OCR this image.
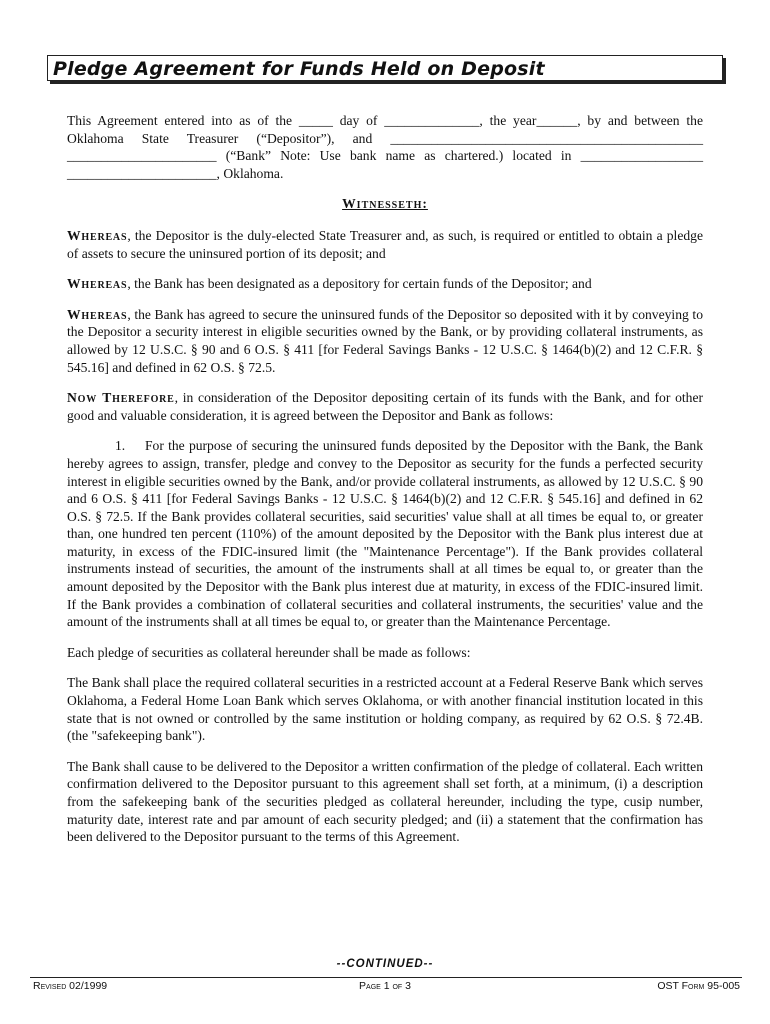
Pledge Agreement for Funds Held on Deposit

This Agreement entered into as of the _____ day of ______________, the year______, by and between the
Oklahoma State Treasurer (“Depositor”), and ______________________________________________
______________________ (“Bank” Note: Use bank name as chartered.) located in __________________
______________________, Oklahoma.

Witnesseth:

Whereas, the Depositor is the duly-elected State Treasurer and, as such, is required or entitled to obtain a pledge of assets to secure the uninsured portion of its deposit; and

Whereas, the Bank has been designated as a depository for certain funds of the Depositor; and

Whereas, the Bank has agreed to secure the uninsured funds of the Depositor so deposited with it by conveying to the Depositor a security interest in eligible securities owned by the Bank, or by providing collateral instruments, as allowed by 12 U.S.C. § 90 and 6 O.S. § 411 [for Federal Savings Banks - 12 U.S.C. § 1464(b)(2) and 12 C.F.R. § 545.16] and defined in 62 O.S. § 72.5.

Now Therefore, in consideration of the Depositor depositing certain of its funds with the Bank, and for other good and valuable consideration, it is agreed between the Depositor and Bank as follows:

1. For the purpose of securing the uninsured funds deposited by the Depositor with the Bank, the Bank hereby agrees to assign, transfer, pledge and convey to the Depositor as security for the funds a perfected security interest in eligible securities owned by the Bank, and/or provide collateral instruments, as allowed by 12 U.S.C. § 90 and 6 O.S. § 411 [for Federal Savings Banks - 12 U.S.C. § 1464(b)(2) and 12 C.F.R. § 545.16] and defined in 62 O.S. § 72.5. If the Bank provides collateral securities, said securities' value shall at all times be equal to, or greater than, one hundred ten percent (110%) of the amount deposited by the Depositor with the Bank plus interest due at maturity, in excess of the FDIC-insured limit (the "Maintenance Percentage"). If the Bank provides collateral instruments instead of securities, the amount of the instruments shall at all times be equal to, or greater than the amount deposited by the Depositor with the Bank plus interest due at maturity, in excess of the FDIC-insured limit. If the Bank provides a combination of collateral securities and collateral instruments, the securities' value and the amount of the instruments shall at all times be equal to, or greater than the Maintenance Percentage.

Each pledge of securities as collateral hereunder shall be made as follows:

The Bank shall place the required collateral securities in a restricted account at a Federal Reserve Bank which serves Oklahoma, a Federal Home Loan Bank which serves Oklahoma, or with another financial institution located in this state that is not owned or controlled by the same institution or holding company, as required by 62 O.S. § 72.4B. (the "safekeeping bank").

The Bank shall cause to be delivered to the Depositor a written confirmation of the pledge of collateral. Each written confirmation delivered to the Depositor pursuant to this agreement shall set forth, at a minimum, (i) a description from the safekeeping bank of the securities pledged as collateral hereunder, including the type, cusip number, maturity date, interest rate and par amount of each security pledged; and (ii) a statement that the confirmation has been delivered to the Depositor pursuant to the terms of this Agreement.

--CONTINUED--
Revised 02/1999	Page 1 of 3	OST Form 95-005
